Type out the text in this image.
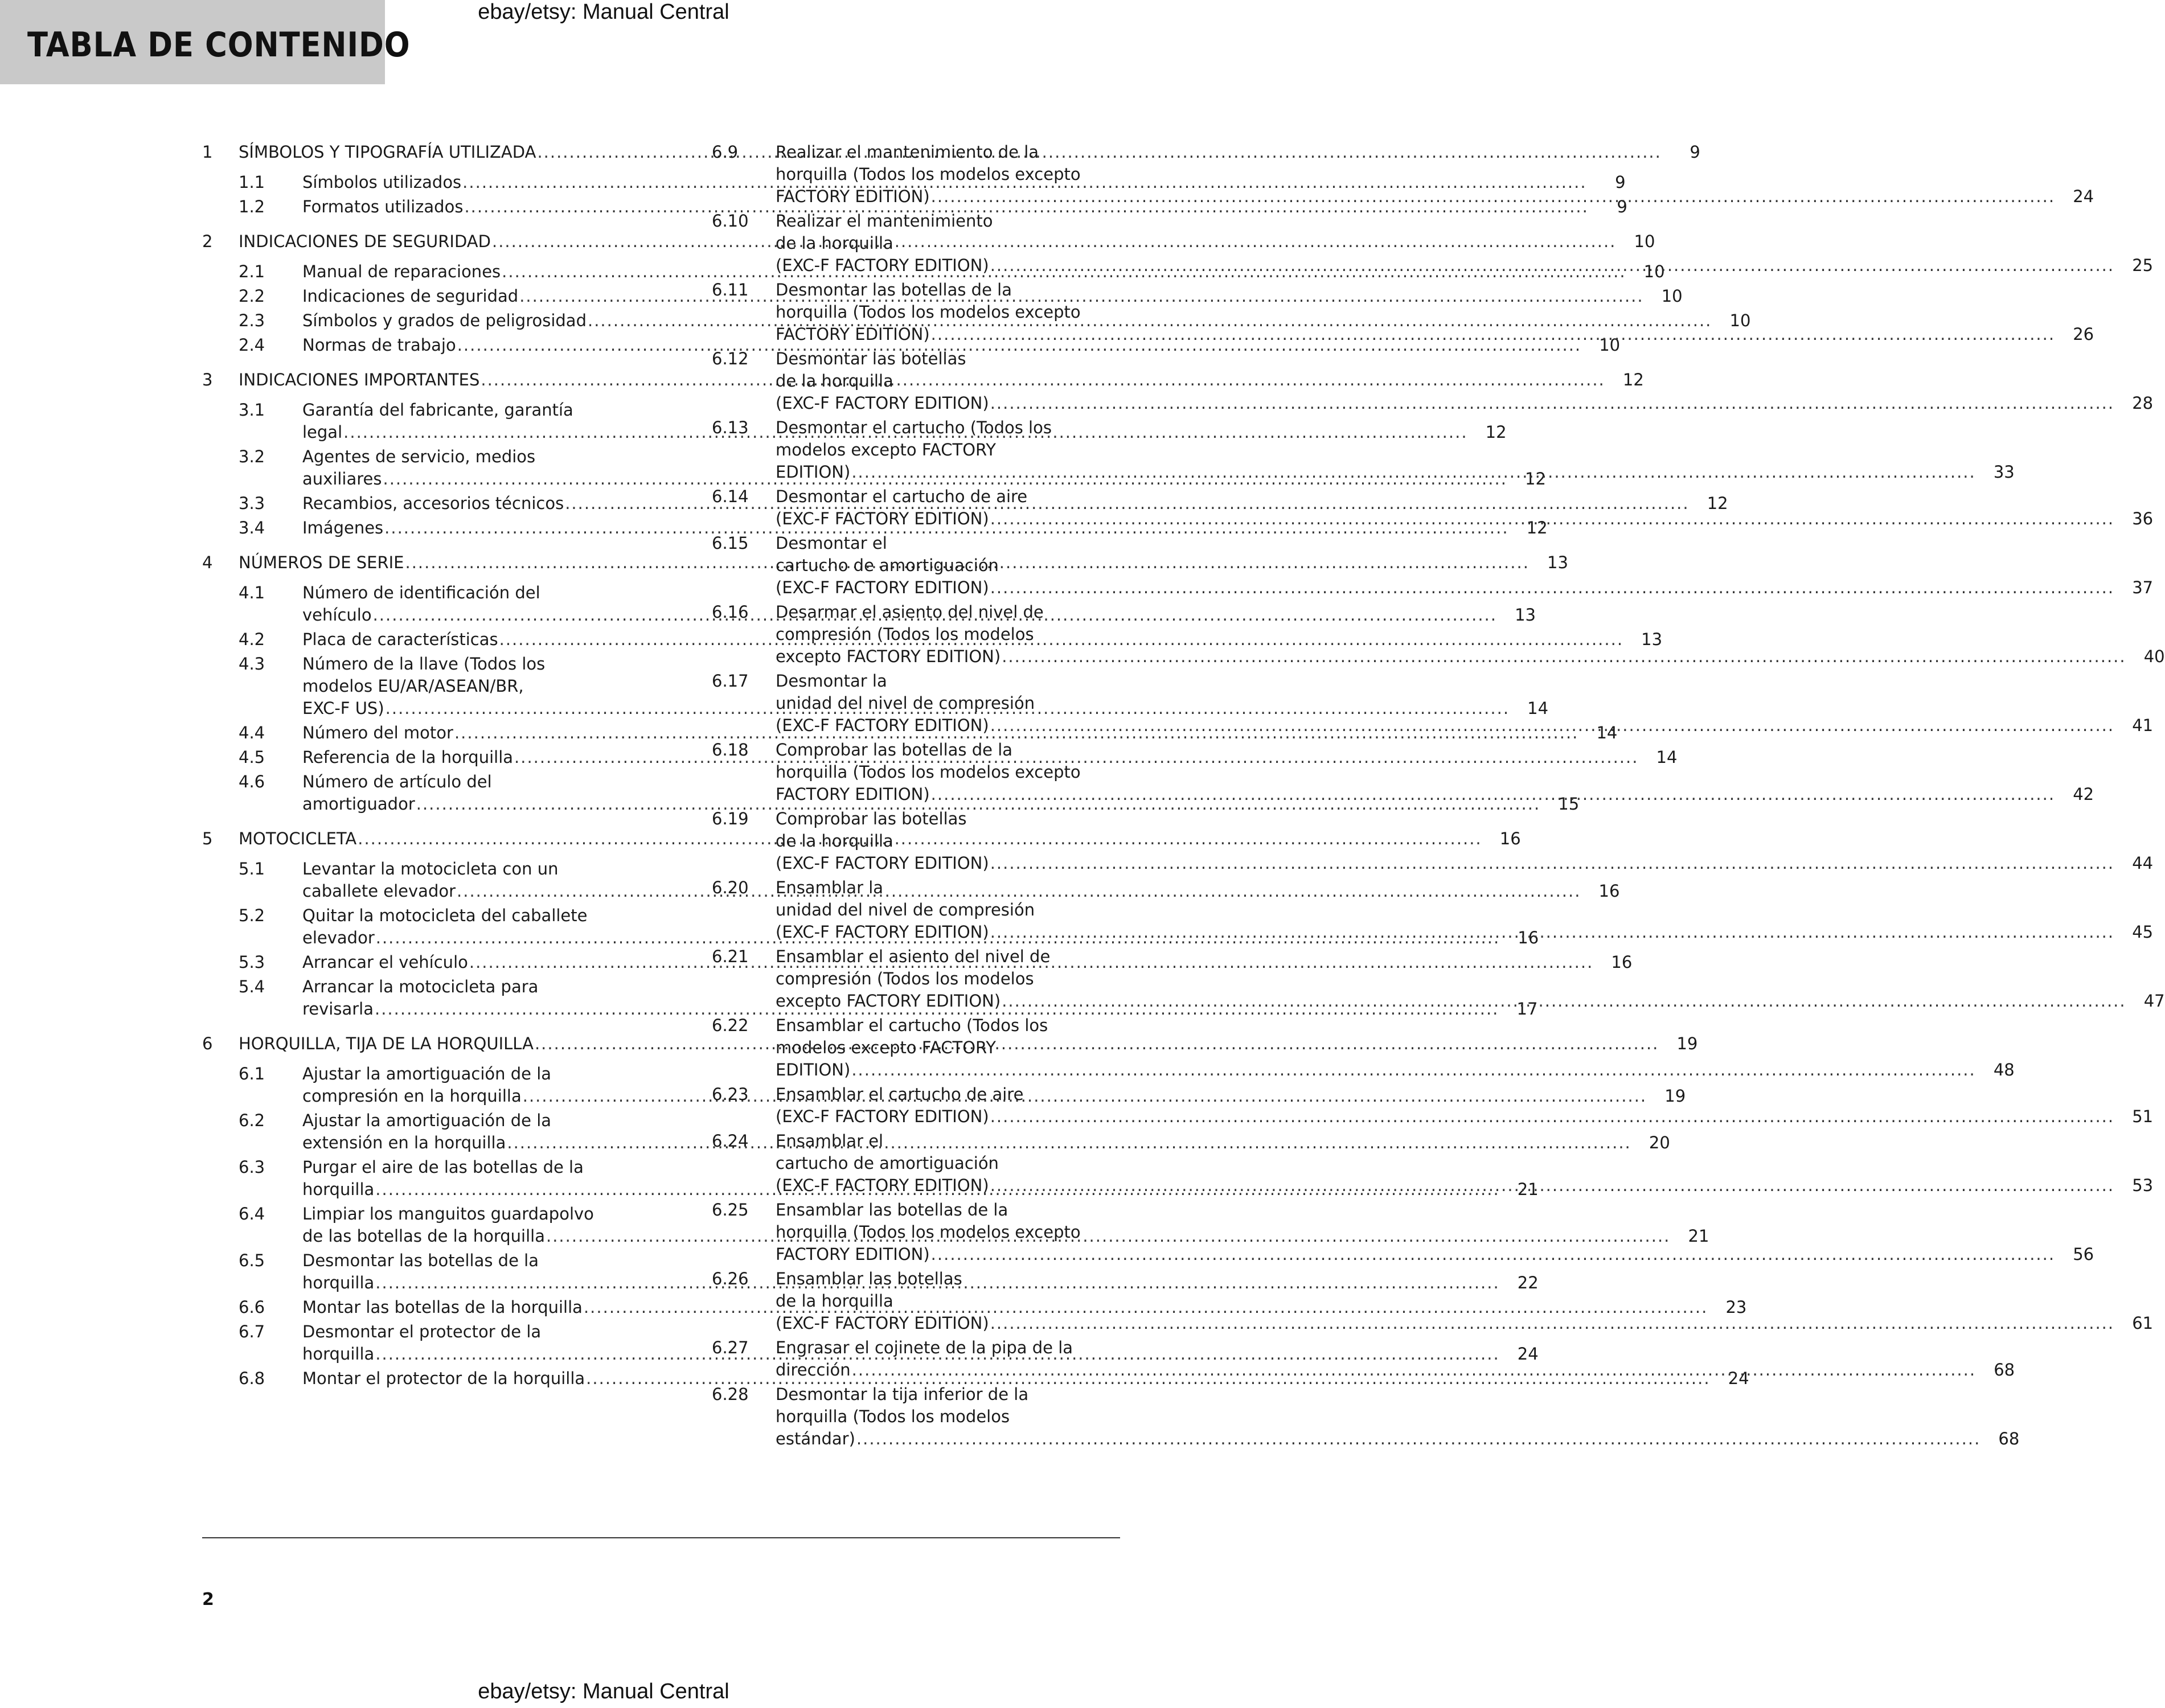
TABLA DE CONTENIDO
ebay/etsy: Manual Central
1	SÍMBOLOS Y TIPOGRAFÍA UTILIZADA .....	9
1.1	Símbolos utilizados .....	9
1.2	Formatos utilizados .....	9
2	INDICACIONES DE SEGURIDAD .....	10
2.1	Manual de reparaciones .....	10
2.2	Indicaciones de seguridad .....	10
2.3	Símbolos y grados de peligrosidad .....	10
2.4	Normas de trabajo .....	10
3	INDICACIONES IMPORTANTES .....	12
3.1	Garantía del fabricante, garantía
legal .....	12
3.2	Agentes de servicio, medios
auxiliares .....	12
3.3	Recambios, accesorios técnicos .....	12
3.4	Imágenes .....	12
4	NÚMEROS DE SERIE .....	13
4.1	Número de identificación del
vehículo .....	13
4.2	Placa de características .....	13
4.3	Número de la llave (Todos los
modelos EU/AR/ASEAN/BR,
EXC-F US) .....	14
4.4	Número del motor .....	14
4.5	Referencia de la horquilla .....	14
4.6	Número de artículo del
amortiguador .....	15
5	MOTOCICLETA .....	16
5.1	Levantar la motocicleta con un
caballete elevador .....	16
5.2	Quitar la motocicleta del caballete
elevador .....	16
5.3	Arrancar el vehículo .....	16
5.4	Arrancar la motocicleta para
revisarla .....	17
6	HORQUILLA, TIJA DE LA HORQUILLA .....	19
6.1	Ajustar la amortiguación de la
compresión en la horquilla .....	19
6.2	Ajustar la amortiguación de la
extensión en la horquilla .....	20
6.3	Purgar el aire de las botellas de la
horquilla .....	21
6.4	Limpiar los manguitos guardapolvo
de las botellas de la horquilla .....	21
6.5	Desmontar las botellas de la
horquilla .....	22
6.6	Montar las botellas de la horquilla .....	23
6.7	Desmontar el protector de la
horquilla .....	24
6.8	Montar el protector de la horquilla .....	24
6.9	Realizar el mantenimiento de la
horquilla (Todos los modelos excepto
FACTORY EDITION) .....	24
6.10	Realizar el mantenimiento
de la horquilla
(EXC-F FACTORY EDITION) .....	25
6.11	Desmontar las botellas de la
horquilla (Todos los modelos excepto
FACTORY EDITION) .....	26
6.12	Desmontar las botellas
de la horquilla
(EXC-F FACTORY EDITION) .....	28
6.13	Desmontar el cartucho (Todos los
modelos excepto FACTORY
EDITION) .....	33
6.14	Desmontar el cartucho de aire
(EXC-F FACTORY EDITION) .....	36
6.15	Desmontar el
cartucho de amortiguación
(EXC-F FACTORY EDITION) .....	37
6.16	Desarmar el asiento del nivel de
compresión (Todos los modelos
excepto FACTORY EDITION) .....	40
6.17	Desmontar la
unidad del nivel de compresión
(EXC-F FACTORY EDITION) .....	41
6.18	Comprobar las botellas de la
horquilla (Todos los modelos excepto
FACTORY EDITION) .....	42
6.19	Comprobar las botellas
de la horquilla
(EXC-F FACTORY EDITION) .....	44
6.20	Ensamblar la
unidad del nivel de compresión
(EXC-F FACTORY EDITION) .....	45
6.21	Ensamblar el asiento del nivel de
compresión (Todos los modelos
excepto FACTORY EDITION) .....	47
6.22	Ensamblar el cartucho (Todos los
modelos excepto FACTORY
EDITION) .....	48
6.23	Ensamblar el cartucho de aire
(EXC-F FACTORY EDITION) .....	51
6.24	Ensamblar el
cartucho de amortiguación
(EXC-F FACTORY EDITION) .....	53
6.25	Ensamblar las botellas de la
horquilla (Todos los modelos excepto
FACTORY EDITION) .....	56
6.26	Ensamblar las botellas
de la horquilla
(EXC-F FACTORY EDITION) .....	61
6.27	Engrasar el cojinete de la pipa de la
dirección .....	68
6.28	Desmontar la tija inferior de la
horquilla (Todos los modelos
estándar) .....	68
2
ebay/etsy: Manual Central
